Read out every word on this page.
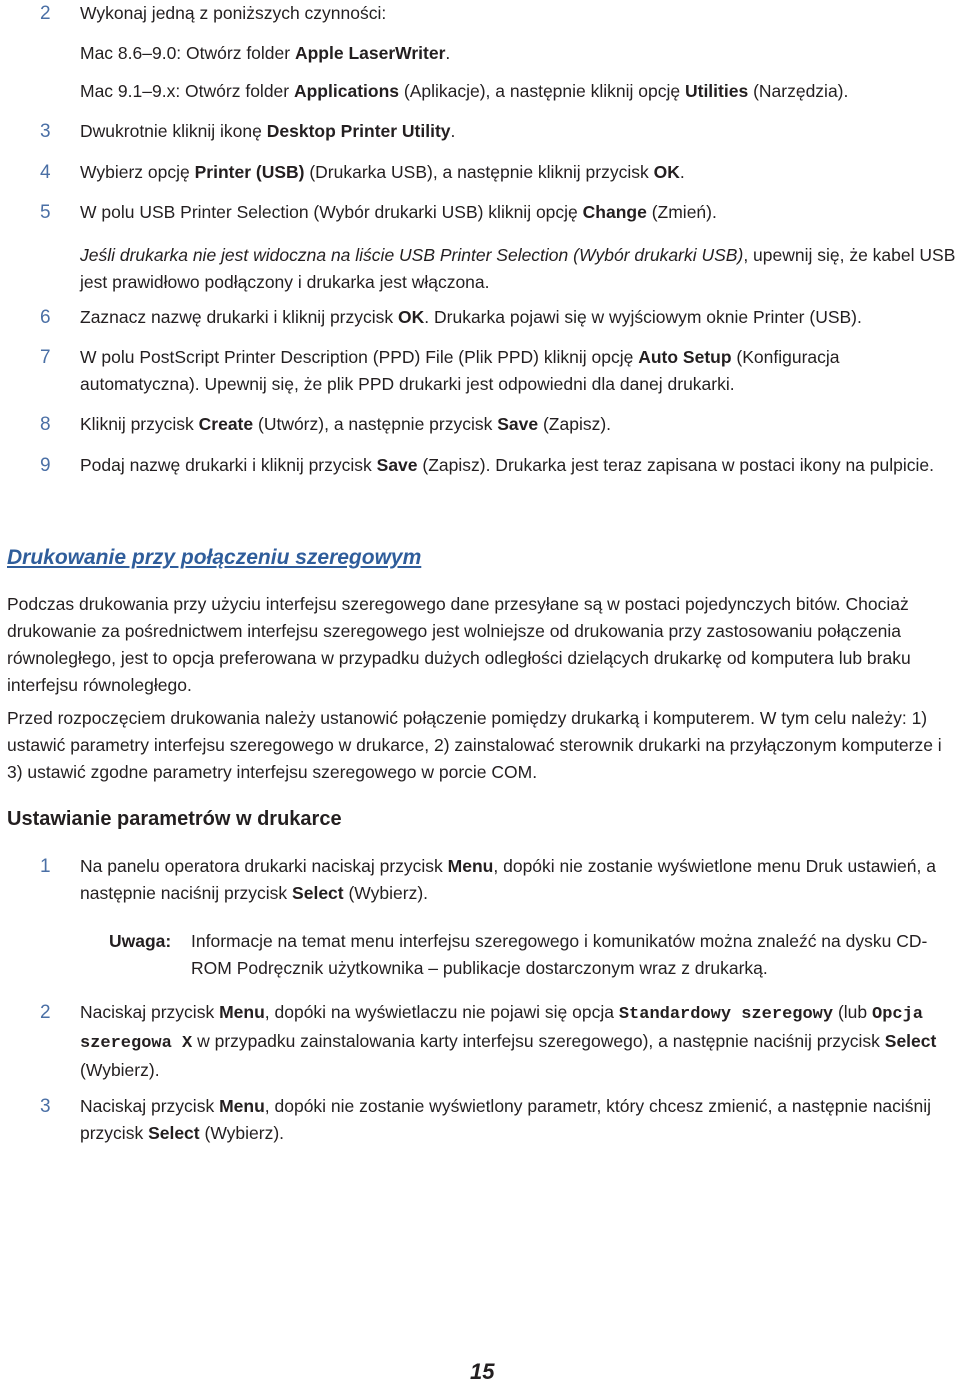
2	Wykonaj jedną z poniższych czynności:
Mac 8.6–9.0: Otwórz folder Apple LaserWriter.
Mac 9.1–9.x: Otwórz folder Applications (Aplikacje), a następnie kliknij opcję Utilities (Narzędzia).
3	Dwukrotnie kliknij ikonę Desktop Printer Utility.
4	Wybierz opcję Printer (USB) (Drukarka USB), a następnie kliknij przycisk OK.
5	W polu USB Printer Selection (Wybór drukarki USB) kliknij opcję Change (Zmień).
Jeśli drukarka nie jest widoczna na liście USB Printer Selection (Wybór drukarki USB), upewnij się, że kabel USB jest prawidłowo podłączony i drukarka jest włączona.
6	Zaznacz nazwę drukarki i kliknij przycisk OK. Drukarka pojawi się w wyjściowym oknie Printer (USB).
7	W polu PostScript Printer Description (PPD) File (Plik PPD) kliknij opcję Auto Setup (Konfiguracja automatyczna). Upewnij się, że plik PPD drukarki jest odpowiedni dla danej drukarki.
8	Kliknij przycisk Create (Utwórz), a następnie przycisk Save (Zapisz).
9	Podaj nazwę drukarki i kliknij przycisk Save (Zapisz). Drukarka jest teraz zapisana w postaci ikony na pulpicie.
Drukowanie przy połączeniu szeregowym
Podczas drukowania przy użyciu interfejsu szeregowego dane przesyłane są w postaci pojedynczych bitów. Chociaż drukowanie za pośrednictwem interfejsu szeregowego jest wolniejsze od drukowania przy zastosowaniu połączenia równoległego, jest to opcja preferowana w przypadku dużych odległości dzielących drukarkę od komputera lub braku interfejsu równoległego.
Przed rozpoczęciem drukowania należy ustanowić połączenie pomiędzy drukarką i komputerem. W tym celu należy: 1) ustawić parametry interfejsu szeregowego w drukarce, 2) zainstalować sterownik drukarki na przyłączonym komputerze i 3) ustawić zgodne parametry interfejsu szeregowego w porcie COM.
Ustawianie parametrów w drukarce
1	Na panelu operatora drukarki naciskaj przycisk Menu, dopóki nie zostanie wyświetlone menu Druk ustawień, a następnie naciśnij przycisk Select (Wybierz).
Uwaga: Informacje na temat menu interfejsu szeregowego i komunikatów można znaleźć na dysku CD-ROM Podręcznik użytkownika – publikacje dostarczonym wraz z drukarką.
2	Naciskaj przycisk Menu, dopóki na wyświetlaczu nie pojawi się opcja Standardowy szeregowy (lub Opcja szeregowa X w przypadku zainstalowania karty interfejsu szeregowego), a następnie naciśnij przycisk Select (Wybierz).
3	Naciskaj przycisk Menu, dopóki nie zostanie wyświetlony parametr, który chcesz zmienić, a następnie naciśnij przycisk Select (Wybierz).
15
